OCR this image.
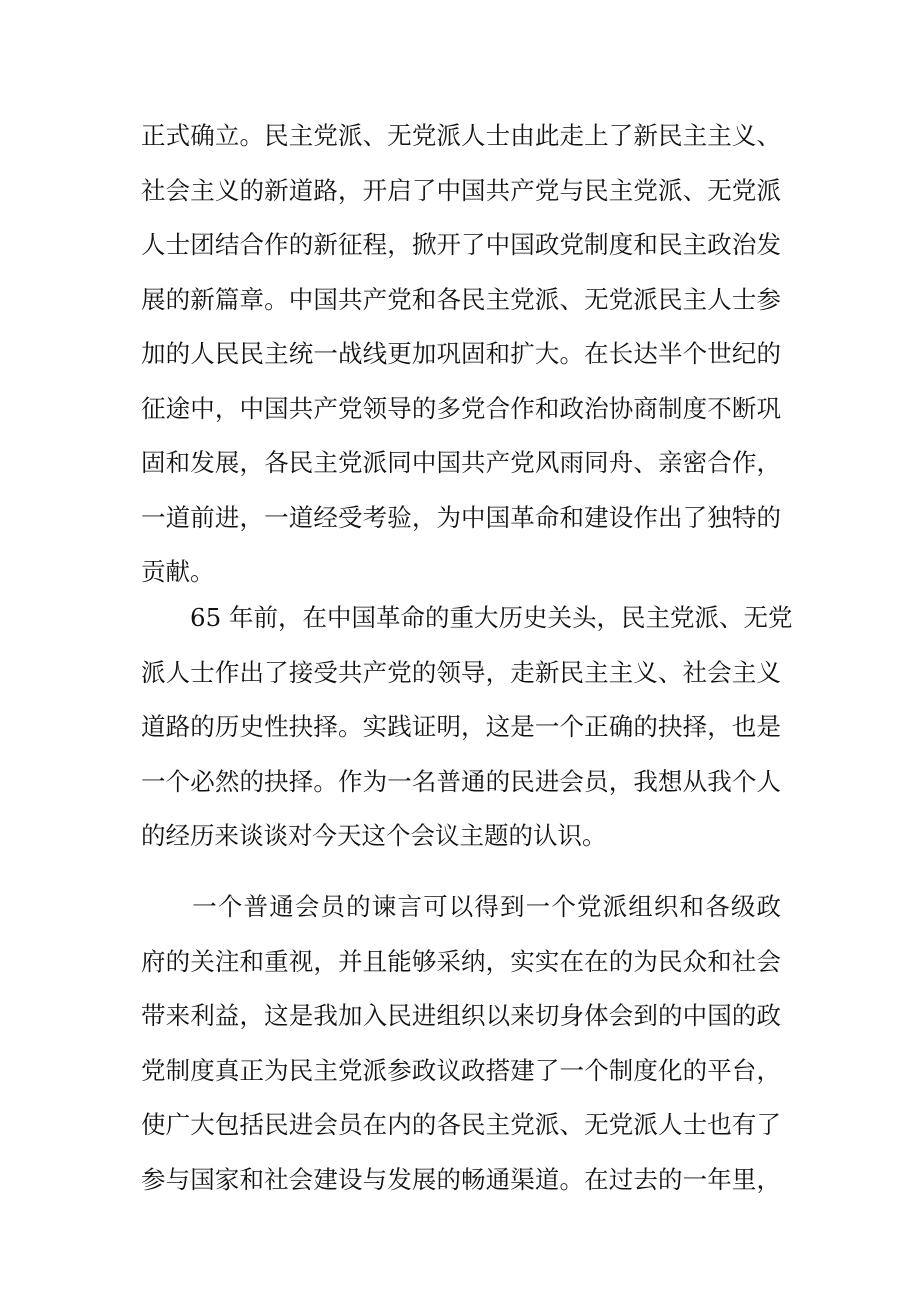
正式确立。民主党派、无党派人士由此走上了新民主主义、
社会主义的新道路，开启了中国共产党与民主党派、无党派
人士团结合作的新征程，掀开了中国政党制度和民主政治发
展的新篇章。中国共产党和各民主党派、无党派民主人士参
加的人民民主统一战线更加巩固和扩大。在长达半个世纪的
征途中，中国共产党领导的多党合作和政治协商制度不断巩
固和发展，各民主党派同中国共产党风雨同舟、亲密合作，
一道前进，一道经受考验，为中国革命和建设作出了独特的
贡献。
　　65 年前，在中国革命的重大历史关头，民主党派、无党
派人士作出了接受共产党的领导，走新民主主义、社会主义
道路的历史性抉择。实践证明，这是一个正确的抉择，也是
一个必然的抉择。作为一名普通的民进会员，我想从我个人
的经历来谈谈对今天这个会议主题的认识。
　　一个普通会员的谏言可以得到一个党派组织和各级政
府的关注和重视，并且能够采纳，实实在在的为民众和社会
带来利益，这是我加入民进组织以来切身体会到的中国的政
党制度真正为民主党派参政议政搭建了一个制度化的平台，
使广大包括民进会员在内的各民主党派、无党派人士也有了
参与国家和社会建设与发展的畅通渠道。在过去的一年里，
